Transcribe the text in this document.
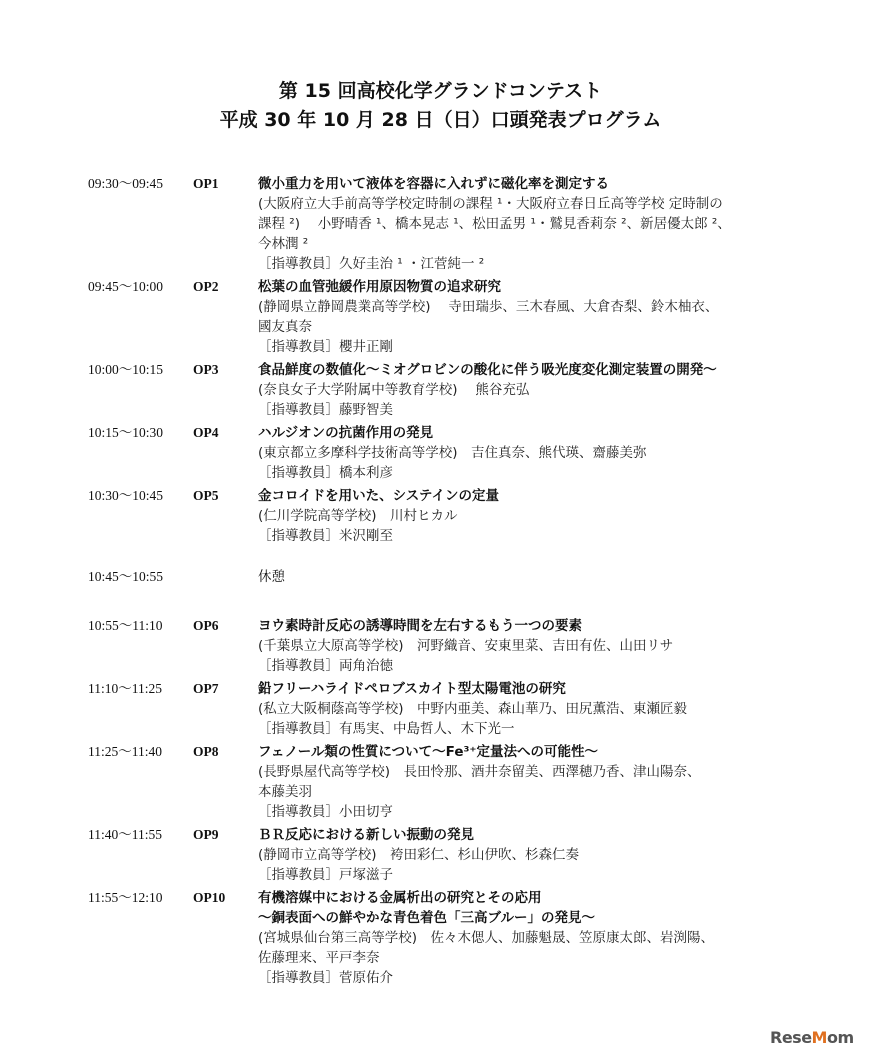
第 15 回高校化学グランドコンテスト
平成 30 年 10 月 28 日（日）口頭発表プログラム
09:30〜09:45 OP1	微小重力を用いて液体を容器に入れずに磁化率を測定する
(大阪府立大手前高等学校定時制の課程 ¹・大阪府立春日丘高等学校 定時制の
課程 ²)　 小野晴香 ¹、橋本晃志 ¹、松田孟男 ¹・鷲見香莉奈 ²、新居優太郎 ²、
今林潤 ²
［指導教員］久好圭治 ¹ ・江菅純一 ²
09:45〜10:00 OP2	松葉の血管弛緩作用原因物質の追求研究
(静岡県立静岡農業高等学校)　 寺田瑞歩、三木春風、大倉杏梨、鈴木柚衣、
國友真奈
［指導教員］櫻井正剛
10:00〜10:15 OP3	食品鮮度の数値化〜ミオグロビンの酸化に伴う吸光度変化測定装置の開発〜
(奈良女子大学附属中等教育学校)　 熊谷充弘
［指導教員］藤野智美
10:15〜10:30 OP4	ハルジオンの抗菌作用の発見
(東京都立多摩科学技術高等学校)　吉住真奈、熊代瑛、齋藤美弥
［指導教員］橋本利彦
10:30〜10:45 OP5	金コロイドを用いた、システインの定量
(仁川学院高等学校)　川村ヒカル
［指導教員］米沢剛至
10:45〜10:55	休憩
10:55〜11:10 OP6	ヨウ素時計反応の誘導時間を左右するもう一つの要素
(千葉県立大原高等学校)　河野織音、安東里菜、吉田有佐、山田リサ
［指導教員］両角治徳
11:10〜11:25 OP7	鉛フリーハライドペロブスカイト型太陽電池の研究
(私立大阪桐蔭高等学校)　中野内亜美、森山華乃、田尻薫浩、東瀬匠毅
［指導教員］有馬実、中島哲人、木下光一
11:25〜11:40 OP8	フェノール類の性質について〜Fe³⁺定量法への可能性〜
(長野県屋代高等学校)　長田怜那、酒井奈留美、西澤穂乃香、津山陽奈、
本藤美羽
［指導教員］小田切亨
11:40〜11:55 OP9	ＢＲ反応における新しい振動の発見
(静岡市立高等学校)　袴田彩仁、杉山伊吹、杉森仁奏
［指導教員］戸塚滋子
11:55〜12:10 OP10 有機溶媒中における金属析出の研究とその応用
〜銅表面への鮮やかな青色着色「三高ブルー」の発見〜
(宮城県仙台第三高等学校)　佐々木偲人、加藤魁晟、笠原康太郎、岩渕陽、
佐藤理来、平戸李奈
［指導教員］菅原佑介
ReseMom
